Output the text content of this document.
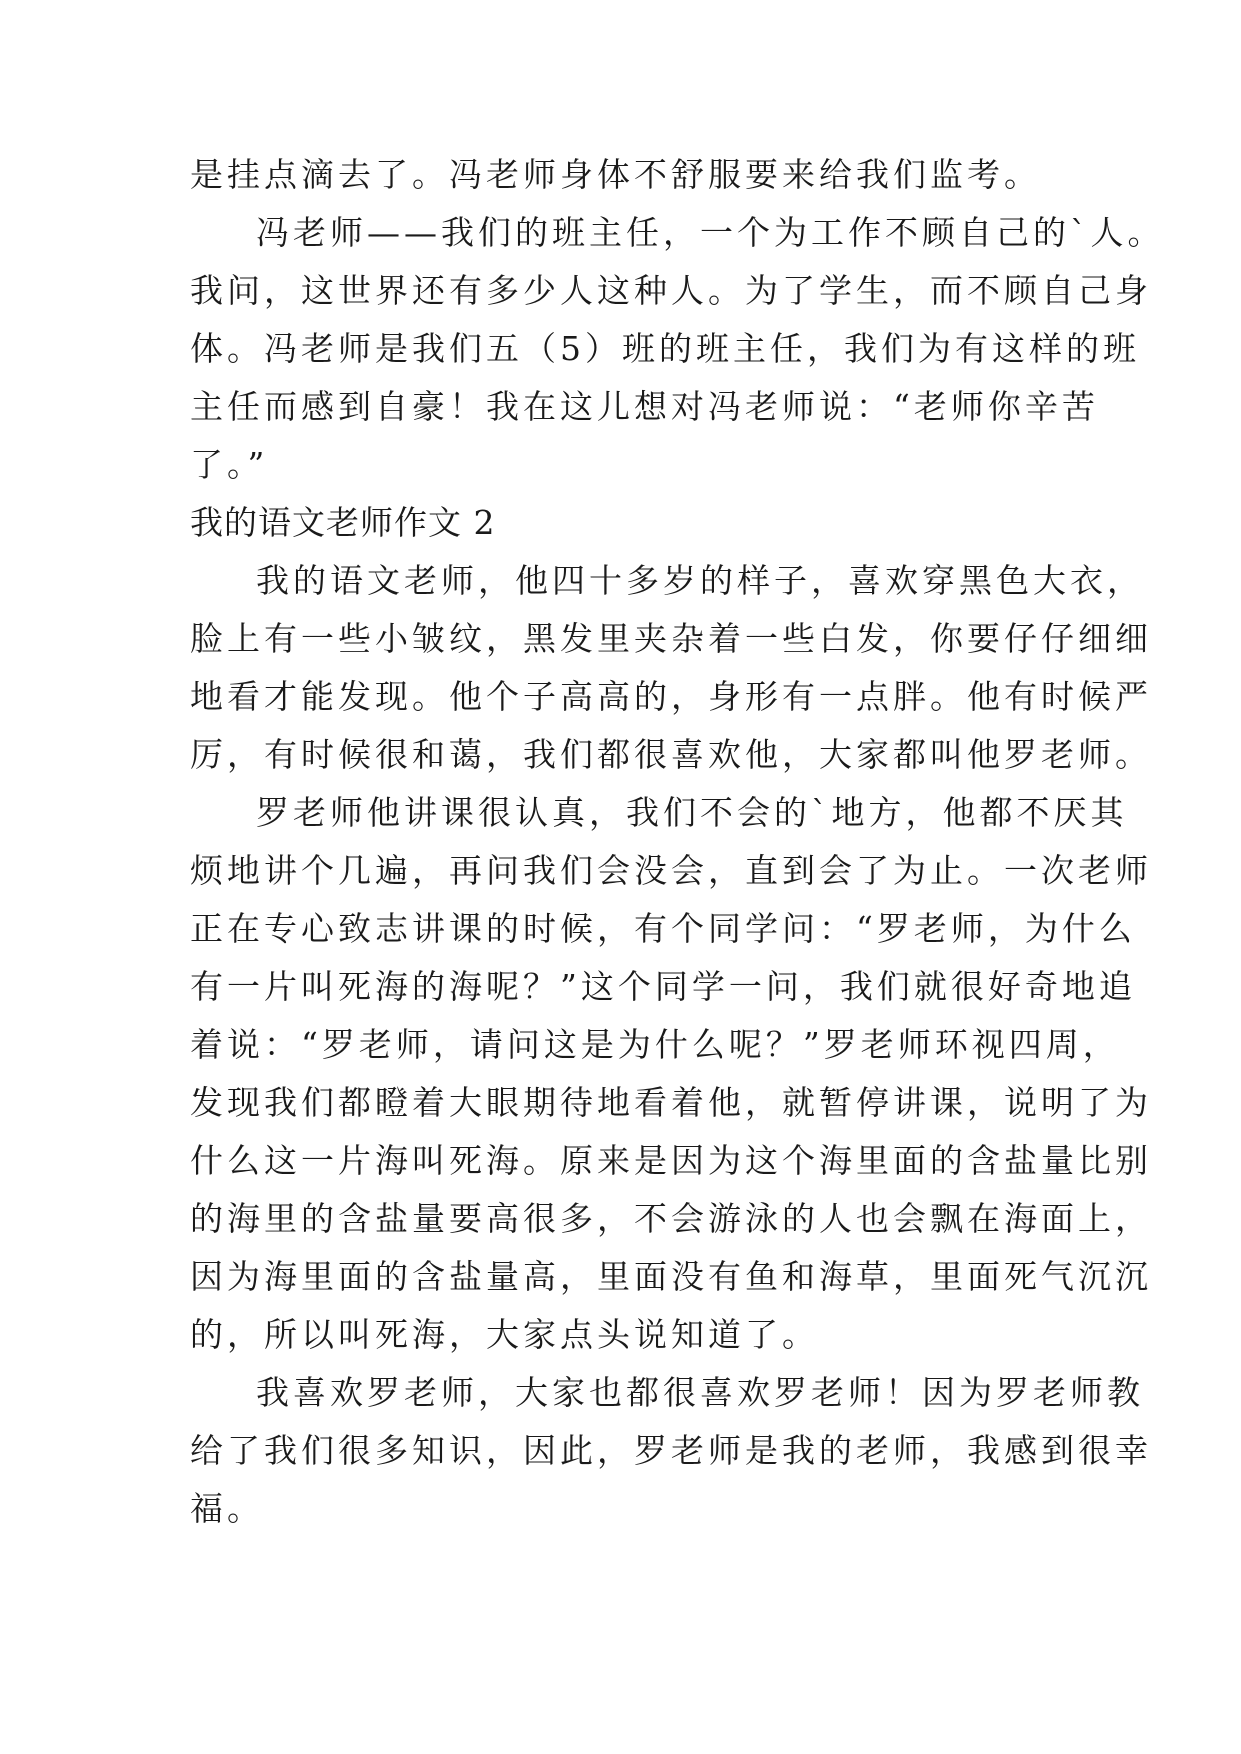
是挂点滴去了。冯老师身体不舒服要来给我们监考。
冯老师——我们的班主任，一个为工作不顾自己的`人。
我问，这世界还有多少人这种人。为了学生，而不顾自己身
体。冯老师是我们五（5）班的班主任，我们为有这样的班
主任而感到自豪！我在这儿想对冯老师说：“老师你辛苦
了。”
我的语文老师作文 2
我的语文老师，他四十多岁的样子，喜欢穿黑色大衣，
脸上有一些小皱纹，黑发里夹杂着一些白发，你要仔仔细细
地看才能发现。他个子高高的，身形有一点胖。他有时候严
厉，有时候很和蔼，我们都很喜欢他，大家都叫他罗老师。
罗老师他讲课很认真，我们不会的`地方，他都不厌其
烦地讲个几遍，再问我们会没会，直到会了为止。一次老师
正在专心致志讲课的时候，有个同学问：“罗老师，为什么
有一片叫死海的海呢？”这个同学一问，我们就很好奇地追
着说：“罗老师，请问这是为什么呢？”罗老师环视四周，
发现我们都瞪着大眼期待地看着他，就暂停讲课，说明了为
什么这一片海叫死海。原来是因为这个海里面的含盐量比别
的海里的含盐量要高很多，不会游泳的人也会飘在海面上，
因为海里面的含盐量高，里面没有鱼和海草，里面死气沉沉
的，所以叫死海，大家点头说知道了。
我喜欢罗老师，大家也都很喜欢罗老师！因为罗老师教
给了我们很多知识，因此，罗老师是我的老师，我感到很幸
福。
